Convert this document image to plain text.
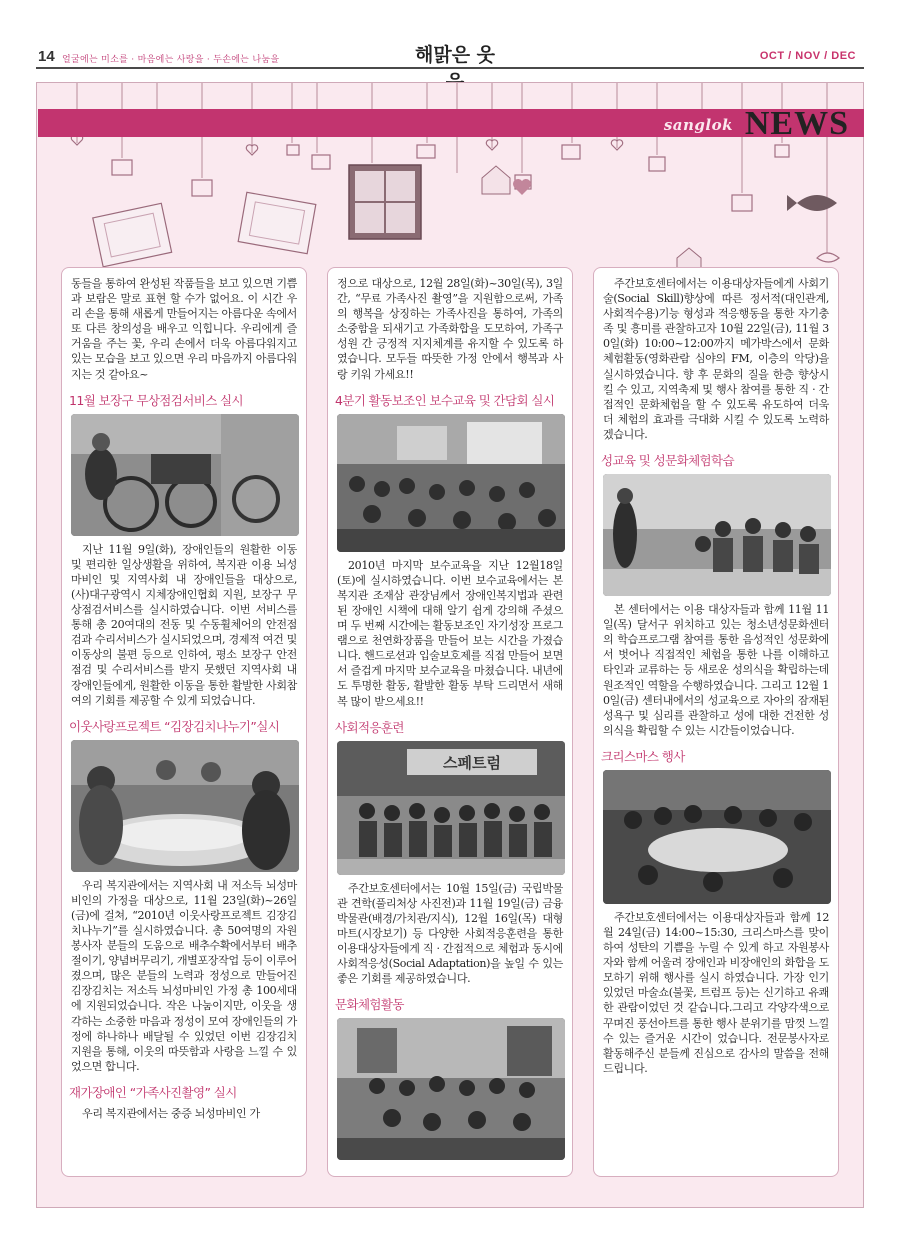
14 얼굴에는 미소를 · 마음에는 사랑을 · 두손에는 나눔을	해맑은 웃	OCT / NOV / DEC
sanglok NEWS

동들을 통하여 완성된 작품들을 보고 있으면 기쁨과 보람은 말로 표현 할 수가 없어요. 이 시간 우리 손을 통해 새롭게 만들어지는 아름다운 속에서 또 다른 창의성을 배우고 익힙니다. 우리에게 즐거움을 주는 꽃, 우리 손에서 더욱 아름다워지고 있는 모습을 보고 있으면 우리 마음까지 아름다워 지는 것 같아요~

11월 보장구 무상점검서비스 실시

지난 11월 9일(화), 장애인들의 원활한 이동 및 편리한 일상생활을 위하여, 복지관 이용 뇌성마비인 및 지역사회 내 장애인들을 대상으로, (사)대구광역시 지체장애인협회 지원, 보장구 무상점검서비스를 실시하였습니다. 이번 서비스를 통해 총 20여대의 전동 및 수동휠체어의 안전점검과 수리서비스가 실시되었으며, 경제적 여건 및 이동상의 불편 등으로 인하여, 평소 보장구 안전점검 및 수리서비스를 받지 못했던 지역사회 내 장애인들에게, 원활한 이동을 통한 활발한 사회참여의 기회를 제공할 수 있게 되었습니다.

이웃사랑프로젝트 “김장김치나누기”실시

우리 복지관에서는 지역사회 내 저소득 뇌성마비인의 가정을 대상으로, 11월 23일(화)~26일(금)에 걸쳐, “2010년 이웃사랑프로젝트 김장김치나누기”를 실시하였습니다. 총 50여명의 자원봉사자 분들의 도움으로 배추수확에서부터 배추절이기, 양념버무리기, 개별포장작업 등이 이루어졌으며, 많은 분들의 노력과 정성으로 만들어진 김장김치는 저소득 뇌성마비인 가정 총 100세대에 지원되었습니다. 작은 나눔이지만, 이웃을 생각하는 소중한 마음과 정성이 모여 장애인들의 가정에 하나하나 배달될 수 있었던 이번 김장김치 지원을 통해, 이웃의 따뜻함과 사랑을 느낄 수 있었으면 합니다.

재가장애인 “가족사진촬영” 실시

우리 복지관에서는 중증 뇌성마비인 가

정으로 대상으로, 12월 28일(화)~30일(목), 3일간, “무료 가족사진 촬영”을 지원함으로써, 가족의 행복을 상징하는 가족사진을 통하여, 가족의 소중함을 되새기고 가족화합을 도모하여, 가족구성원 간 긍정적 지지체계를 유지할 수 있도록 하였습니다. 모두들 따뜻한 가정 안에서 행복과 사랑 키워 가세요!!

4분기 활동보조인 보수교육 및 간담회 실시

2010년 마지막 보수교육을 지난 12월18일(토)에 실시하였습니다. 이번 보수교육에서는 본 복지관 조재삼 관장님께서 장애인복지법과 관련된 장애인 시책에 대해 알기 쉽게 강의해 주셨으며 두 번째 시간에는 활동보조인 자기성장 프로그램으로 천연화장품을 만들어 보는 시간을 가졌습니다. 핸드로션과 입술보호제를 직접 만들어 보면서 즐겁게 마지막 보수교육을 마쳤습니다. 내년에도 투명한 활동, 활발한 활동 부탁 드리면서 새해 복 많이 받으세요!!

사회적응훈련
스페트럼

주간보호센터에서는 10월 15일(금) 국립박물관 견학(풀리처상 사진전)과 11월 19일(금) 금융박물관(배경/가치관/지식), 12월 16일(목) 대형마트(시장보기) 등 다양한 사회적응훈련을 통한 이용대상자들에게 직 · 간접적으로 체험과 동시에 사회적응성(Social Adaptation)을 높일 수 있는 좋은 기회를 제공하였습니다.

문화체험활동

주간보호센터에서는 이용대상자들에게 사회기술(Social Skill)향상에 따른 정서적(대인관계, 사회적수용)기능 형성과 적응행동을 통한 자기충족 및 흥미를 관찰하고자 10월 22일(금), 11월 30일(화) 10:00~12:00까지 메가박스에서 문화체험활동(영화관람 심야의 FM, 이층의 악당)을 실시하였습니다. 향 후 문화의 질을 한층 향상시킬 수 있고, 지역축제 및 행사 참여를 통한 직 · 간접적인 문화체험을 할 수 있도록 유도하여 더욱 더 체험의 효과를 극대화 시킬 수 있도록 노력하겠습니다.

성교육 및 성문화체험학습

본 센터에서는 이용 대상자들과 함께 11월 11일(목) 달서구 위치하고 있는 청소년성문화센터의 학습프로그램 참여를 통한 음성적인 성문화에서 벗어나 직접적인 체험을 통한 나를 이해하고 타인과 교류하는 등 새로운 성의식을 확립하는데 원조적인 역할을 수행하였습니다. 그리고 12월 10일(금) 센터내에서의 성교육으로 자아의 잠재된 성욕구 및 심리를 관찰하고 성에 대한 건전한 성의식을 확립할 수 있는 시간들이었습니다.

크리스마스 행사

주간보호센터에서는 이용대상자들과 함께 12월 24일(금) 14:00~15:30, 크리스마스를 맞이하여 성탄의 기쁨을 누릴 수 있게 하고 자원봉사자와 함께 어울려 장애인과 비장애인의 화합을 도모하기 위해 행사를 실시 하였습니다. 가장 인기 있었던 마술쇼(불꽃, 트럼프 등)는 신기하고 유쾌한 관람이었던 것 같습니다.그리고 각양각색으로 꾸며진 풍선아트를 통한 행사 분위기를 맘껏 느낄 수 있는 즐거운 시간이 었습니다. 전문봉사자로 활동해주신 분들께 진심으로 감사의 말씀을 전해 드립니다.
